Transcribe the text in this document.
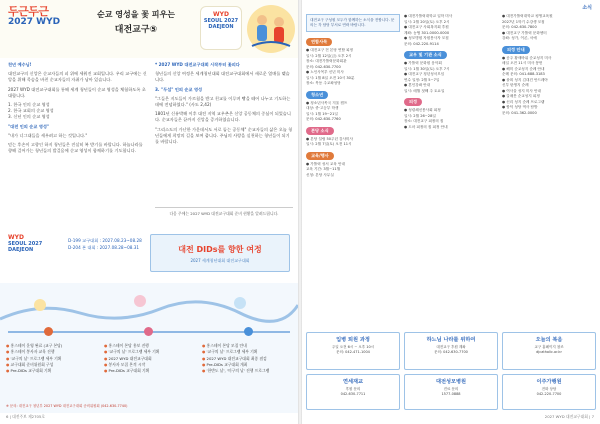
두근두근
2027 WYD
순교 영성을 꽃 피우는
대전교구⑤
WYD
SEOUL 2027
DAEJEON

천년 예수님!

대전교구의 신앙은 순교자들의 피 위에 세워진 교회입니다. 우리 교구에는 신앙을 위해 목숨을 바친 순교자들의 자취가 남아 있습니다.

2027 WYD 대전교구대회를 통해 세계 청년들이 순교 영성을 체험하도록 초대합니다.

1. 한국 인의 순교 영성
2. 한국 교회의 순교 영성
3. 신년 인의 순교 영성

"대전 인의 순교 영성"

"내가 너그대들을 세우려고 하는 것입니다."

믿는 후손이 고향인 하지 청년들은 진실히 복 받기를 바랍니다. 하늘나라를 향해 걸어가는 청년들의 발걸음에 순교 영성이 함께하기를 기도합니다.

* 2027 WYD 대전교구대회 시작부터 꽃피다

청년들의 신앙 여정은 세계청년대회 대전교구대회에서 새로운 열매를 맺습니다.

3. "두섬" 인의 순교 영성

"그들은 지도들이 가르침을 받고 친교를 이루며 빵을 떼어 나누고 기도하는 데에 전념하였다." (사도 2,42)

1801년 신유박해 이후 대전 지역 교우촌은 신앙 공동체의 중심이 되었습니다. 순교자들은 끝까지 신앙을 증거하였습니다.

"그리스도의 가난한 가운데서도 서로 돕는 공동체" 순교자들의 삶은 오늘 청년들에게 희망의 길을 보여 줍니다. 주님의 사랑을 실천하는 청년들이 되기를 바랍니다.

다음 주에는 2027 WYD 대전교구대회 준비 현황을 알려드립니다.
WYD
SEOUL 2027
DAEJEON
D-199 교구대회 : 2027.08.23~08.28
D-204 본 대회 : 2027.08.28~08.31	대전 DIDs를 향한 여정
2027 세계청년대회 대전교구대회
● 홍스테이 운영 완료 (교구 본당)
● 홍스테이 봉사자 교육 진행
● '교구의 날' 프로그램 세부 기획
● 교구대회 준비위원회 구성
● Pre-DIDs 교구대회 기획
● 홍스테이 본당 홍보 진행
● '교구의 날' 프로그램 세부 기획
● 2027 WYD 대전교구대회
● 봉사자 모집 본격 시작
● Pre-DIDs 교구대회 기획
● 홍스테이 본당 모집 안내
● '교구의 날' 프로그램 세부 기획
● 2027 WYD 대전교구대회 최종 점검
● Pre-DIDs 교구대회 개최
● '한반도 날', '미구의 날' 진행 프로그램
※ 문의: 대전교구 청년부 2027 WYD 대전교구대회 준비위원회 (042-630-7740)
6 | 대전주보 제2705호
소식
대전교구 구성원 모두가 함께하는 소식을 전합니다. 문의는 각 담당 부서로 연락 바랍니다.
연합사목
● 대전교구 전 본당 연합 피정
일시: 2월 12일(금) 오후 2시
장소: 대전가톨릭문화회관
문의: 042-630-7700
● 노인사목부 신년 미사
일시: 1월 8일 오전 10시 30분
장소: 목동 주교좌성당
청소년
● 청소년사목국 겨울 캠프
대상: 중·고등부 학생
일시: 1월 19~21일
문의: 042-630-7760
본당 소식
● 본당 설립 50주년 감사미사
일시: 2월 7일(토) 오전 11시
교육/행사
● 가톨릭 성서 교육 안내
교육 기간: 3월~11월
신청: 본당 사무실
● 대전가톨릭대학교 입학 미사
일시: 2월 20일(토) 오후 2시
● 대전교구 사회복지회 후원
계좌: 농협 301-0000-0000
● 성모병원 자원봉사자 모집
문의: 042-220-9114
교우 및 기관 소식
● 가톨릭 문화원 음악회
일시: 1월 30일(토) 오후 7시
● 대전교구 청년성서모임
연수 일정: 2월 5~7일
● 혼인강좌 안내
일시: 매월 첫째 주 토요일
피정
● 성령쇄신봉사회 피정
일시: 2월 26~28일
장소: 대전교구 피정의 집
● 도마 피정의 집 피정 안내
● 대전가톨릭대학교 평생교육원
2027년 1학기 수강생 모집
문의: 042-630-7800
● 대전교구 가톨릭 문화센터
강좌: 성가, 이콘, 서예
피정 안내
● 공주 황새바위 순교성지 미사
매일 오전 11시 미사 봉헌
● 해미 순교성지 순례 안내
순례 문의: 041-688-3183
● 솔뫼 성지 김대건 안드레아
신부 탄생지 순례
● 여사울 성지 미사 안내
● 갈매못 순교성지 피정
● 신리 성지 순례 프로그램
● 합덕 성당 역사 탐방
문의: 041-362-0000
입병 퇴원 과정
주일 오전 6시 ~ 오후 10시
문의: 042-471-1004
하느님 나라를 위하여
대전교구 후원 계좌
문의: 042-630-7700
오늘의 복음
교구 홈페이지 참조
djcatholic.or.kr
연세재교
후원 문의
042-630-7711
대전성모병원
진료 문의
1577-0888
이주가행원
전화 상담
042-220-7700
2027 WYD 대전교구대회 | 7
